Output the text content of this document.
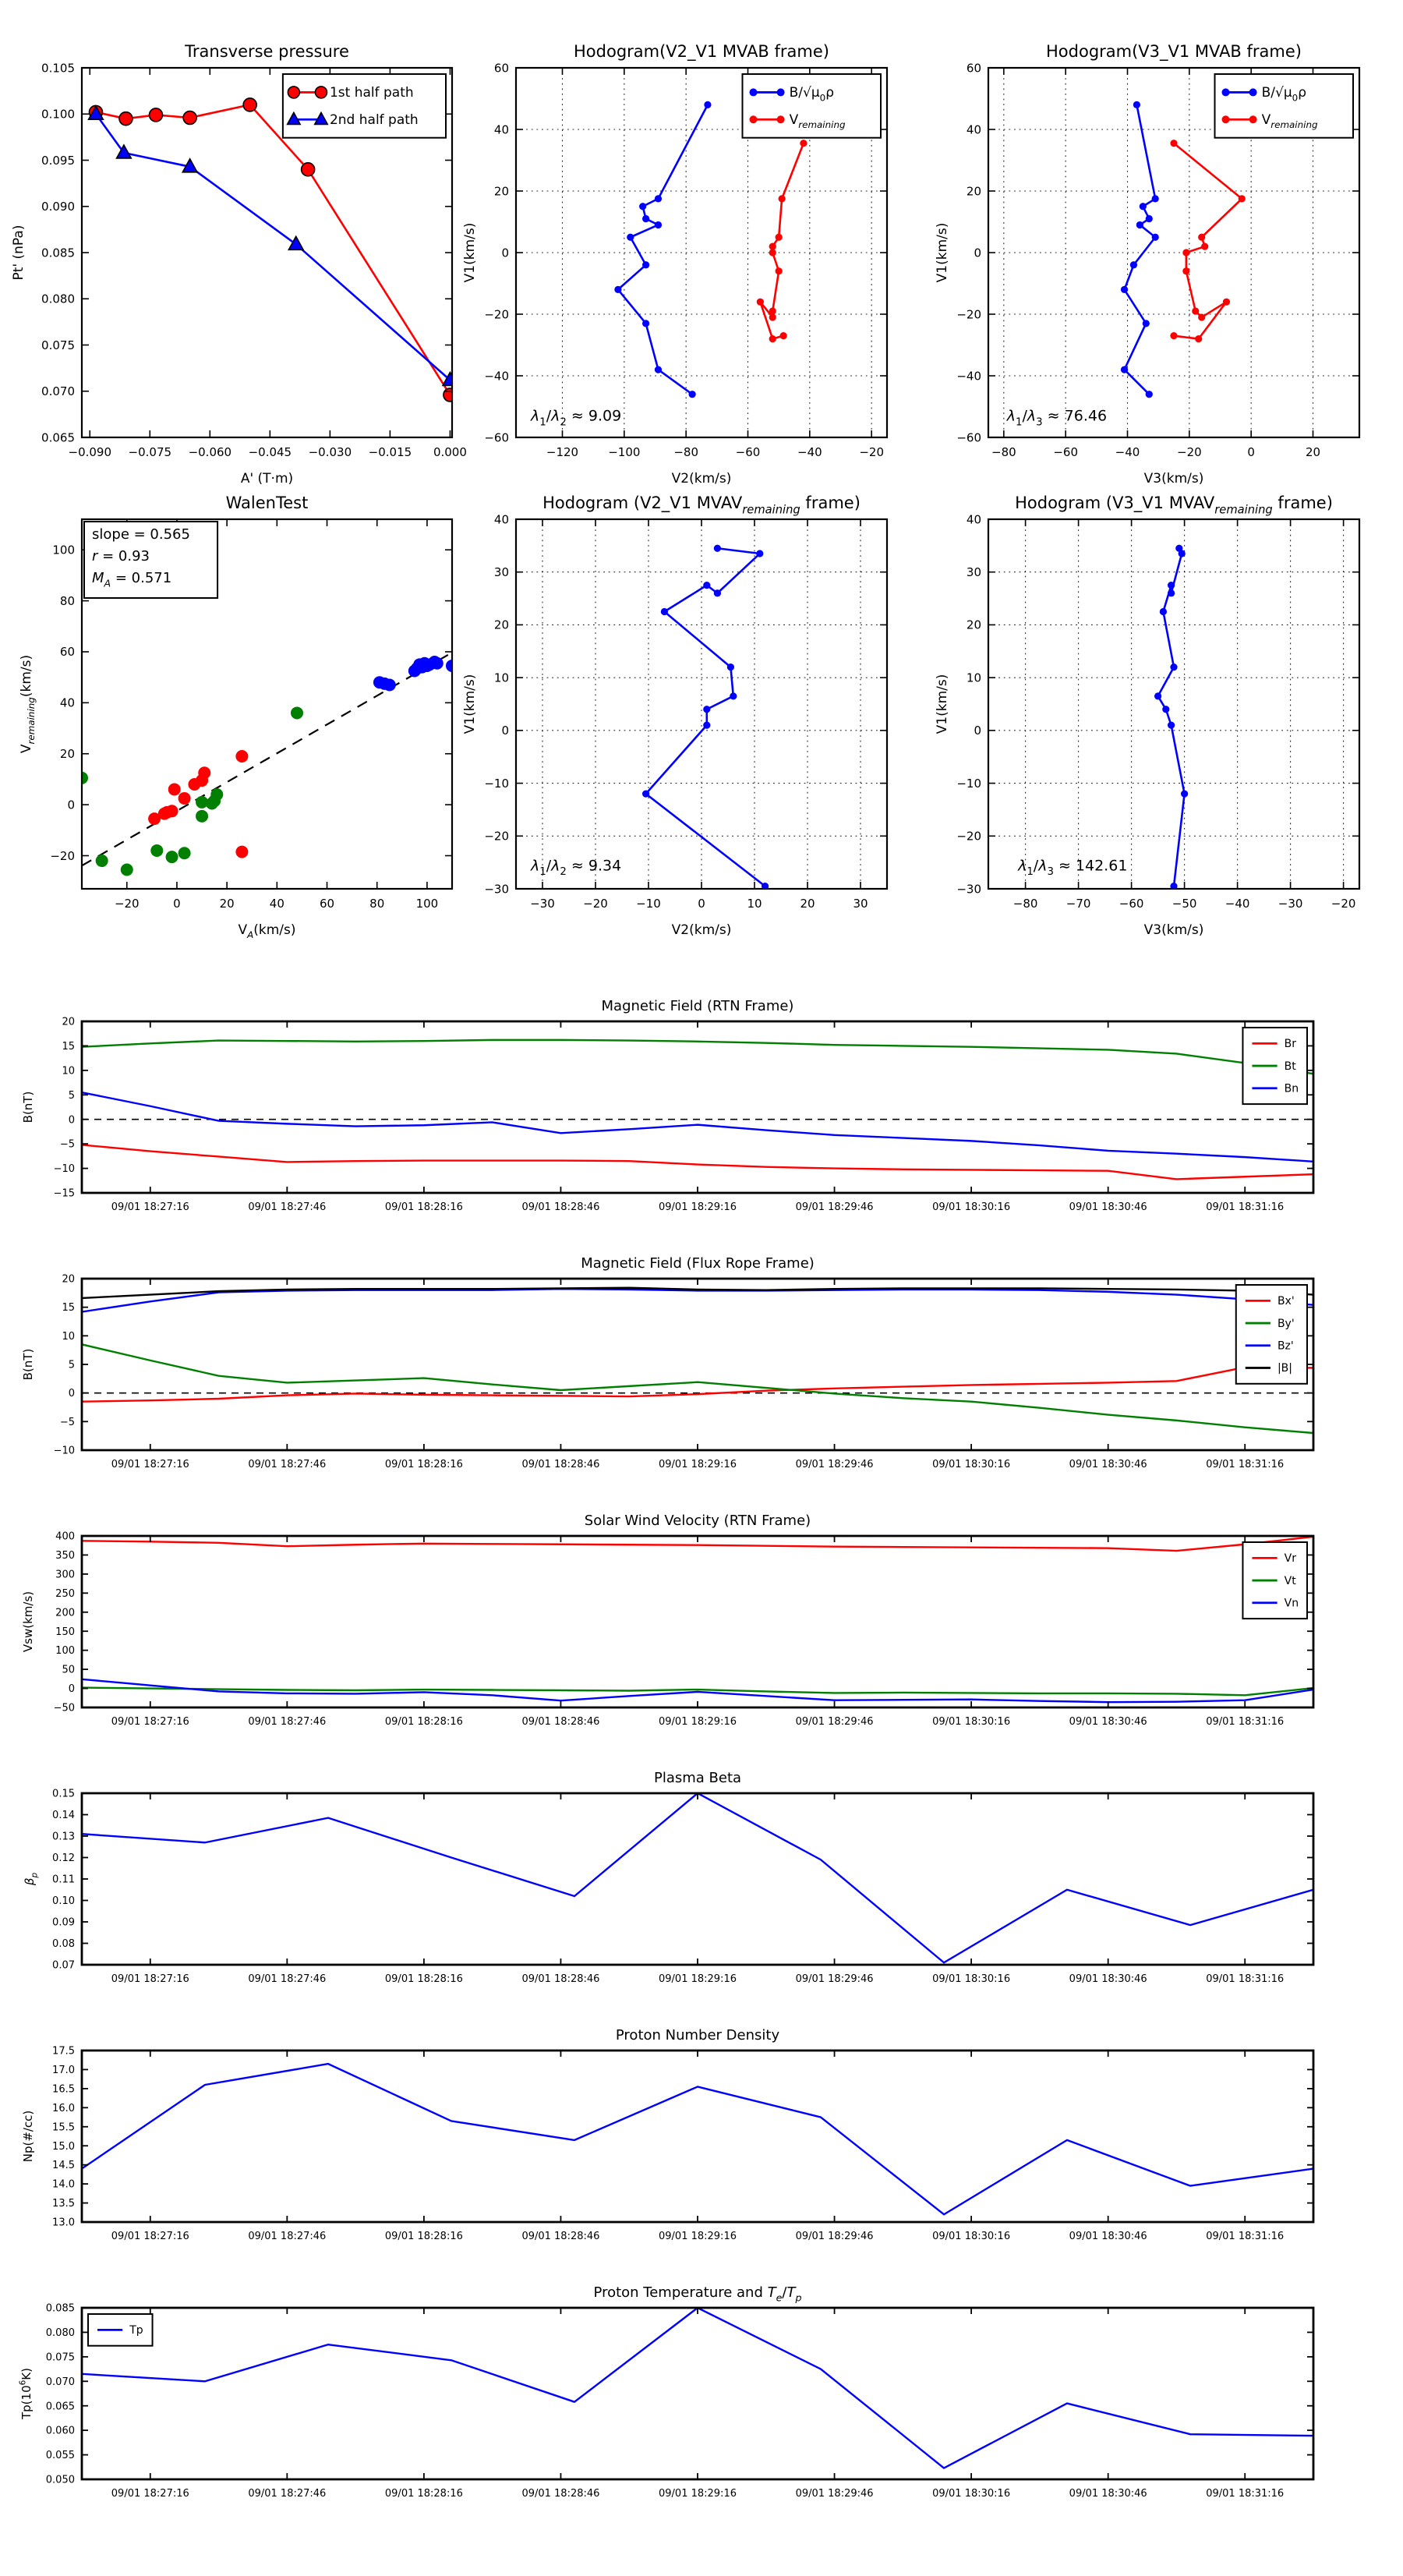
−0.090 −0.075 −0.060 −0.045 −0.030 −0.015 0.000
0.065
0.070
0.075
0.080
0.085
0.090
0.095
0.100
0.105
Transverse pressure
A' (T·m)
Pt' (nPa)
1st half path
2nd half path
−120	−100	−80	−60	−40	−20
−60
−40
−20
0
20
40
60
Hodogram(V2_V1 MVAB frame)
V2(km/s)
V1(km/s)
$\lambda_1/\lambda_2 \approx 9.09$
$B/√\mu_0\rho$
$V_{remaining}$
−80	−60	−40	−20	0	20
−60
−40
−20
0
20
40
60
Hodogram(V3_V1 MVAB frame)
V3(km/s)
V1(km/s)
$\lambda_1/\lambda_3 \approx 76.46$
$B/√\mu_0\rho$
$V_{remaining}$
−20	0	20	40	60	80	100
−20
0
20
40
60
80
100
WalenTest
$V_A(km/s)$
$V_{remaining}(km/s)$
slope = 0.565
r = 0.93
$M_A = 0.571$
−30 −20 −10	0	10	20	30
−30
−20
−10
0
10
20
30
40
Hodogram (V2_V1 $MVAV_{remaining}$ frame)
V2(km/s)
V1(km/s)
$\lambda_1/\lambda_2 \approx 9.34$
−80 −70 −60 −50 −40 −30 −20
−30
−20
−10
0
10
20
30
40
Hodogram (V3_V1 $MVAV_{remaining}$ frame)
V3(km/s)
V1(km/s)
$\lambda_1/\lambda_3 \approx 142.61$
09/01 18:27:16	09/01 18:27:46	09/01 18:28:16	09/01 18:28:46	09/01 18:29:16	09/01 18:29:46	09/01 18:30:16	09/01 18:30:46	09/01 18:31:16
−15
−10
−5
0
5
10
15
20
Magnetic Field (RTN Frame)
B(nT)
Br
Bt
Bn
09/01 18:27:16	09/01 18:27:46	09/01 18:28:16	09/01 18:28:46	09/01 18:29:16	09/01 18:29:46	09/01 18:30:16	09/01 18:30:46	09/01 18:31:16
−10
−5
0
5
10
15
20
Magnetic Field (Flux Rope Frame)
B(nT)
Bx'
By'
Bz'
|B|
09/01 18:27:16	09/01 18:27:46	09/01 18:28:16	09/01 18:28:46	09/01 18:29:16	09/01 18:29:46	09/01 18:30:16	09/01 18:30:46	09/01 18:31:16
−50
0
50
100
150
200
250
300
350
400
Solar Wind Velocity (RTN Frame)
Vsw(km/s)
Vr
Vt
Vn
09/01 18:27:16	09/01 18:27:46	09/01 18:28:16	09/01 18:28:46	09/01 18:29:16	09/01 18:29:46	09/01 18:30:16	09/01 18:30:46	09/01 18:31:16
0.07
0.08
0.09
0.10
0.11
0.12
0.13
0.14
0.15
Plasma Beta
$\beta_p$
09/01 18:27:16	09/01 18:27:46	09/01 18:28:16	09/01 18:28:46	09/01 18:29:16	09/01 18:29:46	09/01 18:30:16	09/01 18:30:46	09/01 18:31:16
13.0
13.5
14.0
14.5
15.0
15.5
16.0
16.5
17.0
17.5
Proton Number Density
Np(#/cc)
09/01 18:27:16	09/01 18:27:46	09/01 18:28:16	09/01 18:28:46	09/01 18:29:16	09/01 18:29:46	09/01 18:30:16	09/01 18:30:46	09/01 18:31:16
0.050
0.055
0.060
0.065
0.070
0.075
0.080
0.085
Proton Temperature and $T_e/T_p$
$Tp(10^6K)$
Tp
